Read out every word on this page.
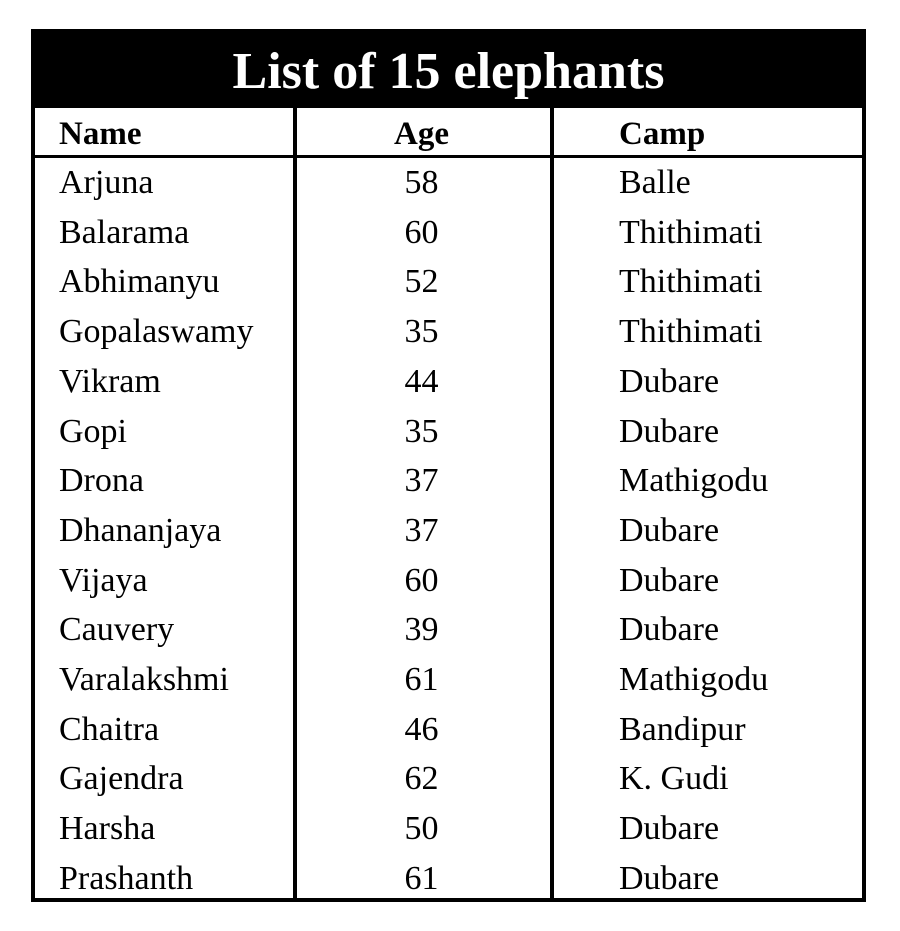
List of 15 elephants
Name	Age	Camp
Arjuna	58	Balle
Balarama	60	Thithimati
Abhimanyu	52	Thithimati
Gopalaswamy	35	Thithimati
Vikram	44	Dubare
Gopi	35	Dubare
Drona	37	Mathigodu
Dhananjaya	37	Dubare
Vijaya	60	Dubare
Cauvery	39	Dubare
Varalakshmi	61	Mathigodu
Chaitra	46	Bandipur
Gajendra	62	K. Gudi
Harsha	50	Dubare
Prashanth	61	Dubare
